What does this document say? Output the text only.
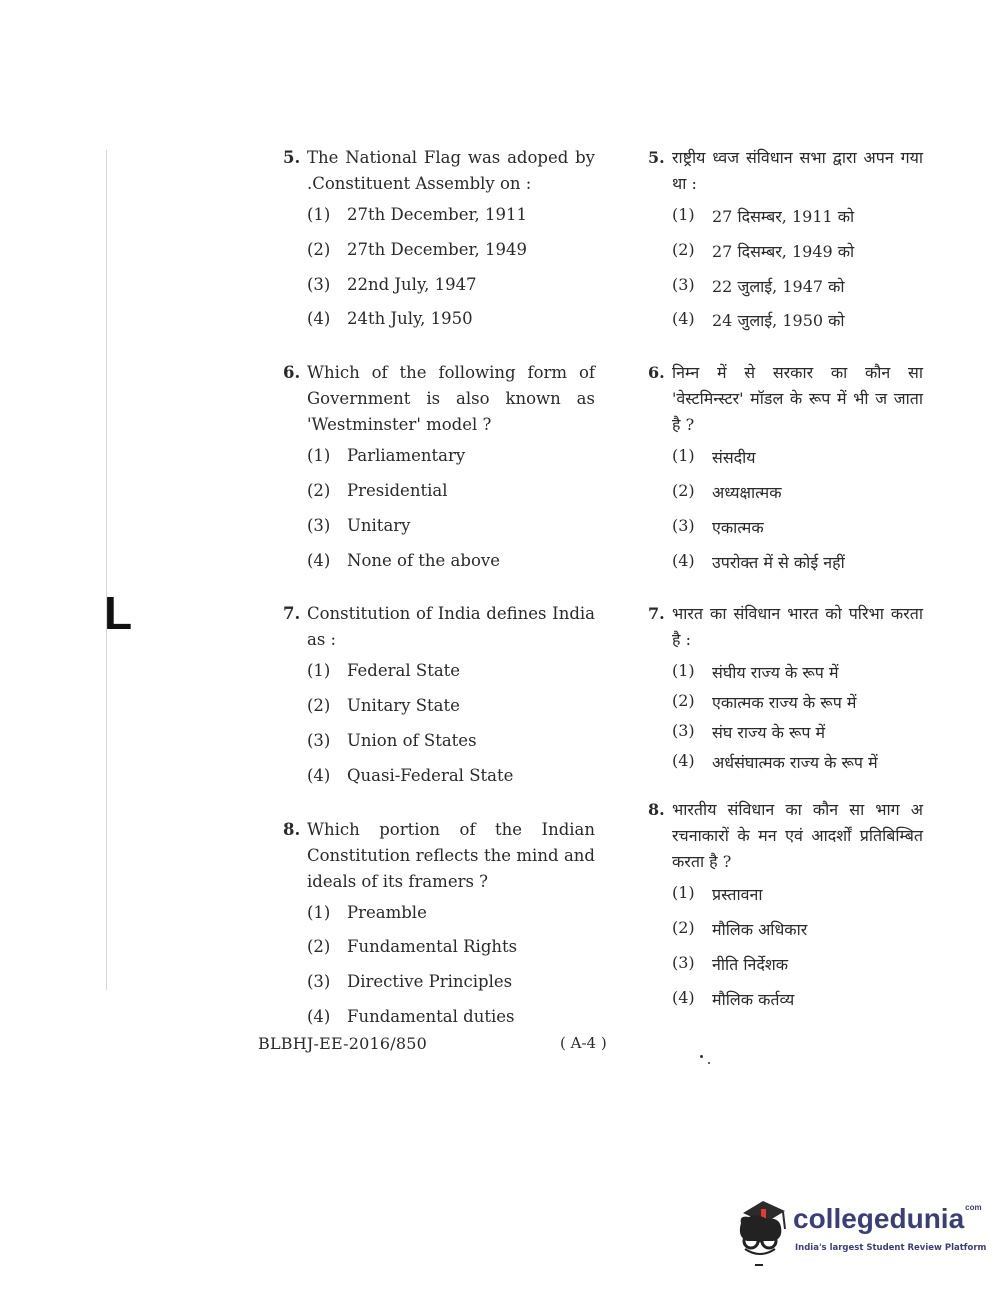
L
5. The National Flag was adoped by .Constituent Assembly on :
(1)	27th December, 1911
(2)	27th December, 1949
(3)	22nd July, 1947
(4)	24th July, 1950
6. Which of the following form of Government is also known as 'Westminster' model ?
(1)	Parliamentary
(2)	Presidential
(3)	Unitary
(4)	None of the above
7. Constitution of India defines India as :
(1)	Federal State
(2)	Unitary State
(3)	Union of States
(4)	Quasi-Federal State
8. Which portion of the Indian Constitution reflects the mind and ideals of its framers ?
(1)	Preamble
(2)	Fundamental Rights
(3)	Directive Principles
(4)	Fundamental duties
5. राष्ट्रीय ध्वज संविधान सभा द्वारा अपन गया था :
(1)	27 दिसम्बर, 1911 को
(2)	27 दिसम्बर, 1949 को
(3)	22 जुलाई, 1947 को
(4)	24 जुलाई, 1950 को
6. निम्न में से सरकार का कौन सा 'वेस्टमिन्स्टर' मॉडल के रूप में भी ज जाता है ?
(1)	संसदीय
(2)	अध्यक्षात्मक
(3)	एकात्मक
(4)	उपरोक्त में से कोई नहीं
7. भारत का संविधान भारत को परिभा करता है :
(1)	संघीय राज्य के रूप में
(2)	एकात्मक राज्य के रूप में
(3)	संघ राज्य के रूप में
(4)	अर्धसंघात्मक राज्य के रूप में
8. भारतीय संविधान का कौन सा भाग अ रचनाकारों के मन एवं आदर्शों प्रतिबिम्बित करता है ?
(1)	प्रस्तावना
(2)	मौलिक अधिकार
(3)	नीति निर्देशक
(4)	मौलिक कर्तव्य
BLBHJ-EE-2016/850	( A-4 )
collegedunia$^{com}$
India's largest Student Review Platform
